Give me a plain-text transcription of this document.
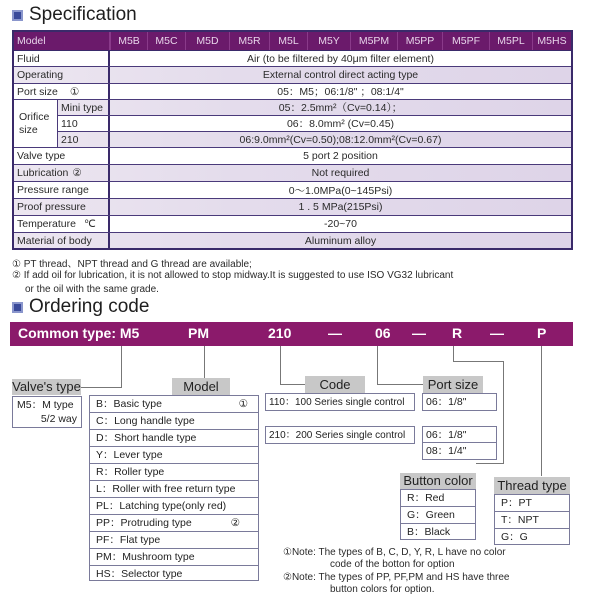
Specification
Model	M5B	M5C	M5D	M5R	M5L	M5Y	M5PM	M5PP	M5PF	M5PL	M5HS
Fluid	Air (to be filtered by 40μm filter element)
Operating	External control direct acting type
Port size ①	05：M5；06:1/8" ；08:1/4"
Orifice
size
Mini type	05：2.5mm²（Cv=0.14）；
110	06：8.0mm² (Cv=0.45)
210	06:9.0mm²(Cv=0.50);08:12.0mm²(Cv=0.67)
Valve type	5 port 2 position
Lubrication ②	Not required
Pressure range	0～1.0MPa(0~145Psi)
Proof pressure	1 . 5 MPa(215Psi)
Temperature ℃	-20~70
Material of body	Aluminum alloy
① PT thread、NPT thread and G thread are available;
② If add oil for lubrication, it is not allowed to stop midway.It is suggested to use ISO VG32 lubricant
or the oil with the same grade.
Ordering code
Common type: M5	PM	210	— 06 — R — P
Valve's type
M5：M type
5/2 way
Model
B：Basic type	①
C：Long handle type
D：Short handle type
Y：Lever type
R：Roller type
L：Roller with free return type
PL：Latching type(only red)
PP：Protruding type	②
PF：Flat type
PM：Mushroom type
HS：Selector type
Code
110：100 Series single control
210：200 Series single control
Port size
06：1/8"
06：1/8"
08：1/4"
Button color
R：Red
G：Green
B：Black
Thread type
P：PT
T：NPT
G：G
①Note: The types of B, C, D, Y, R, L have no color
code of the botton for option
②Note: The types of PP, PF,PM and HS have three
button colors for option.
